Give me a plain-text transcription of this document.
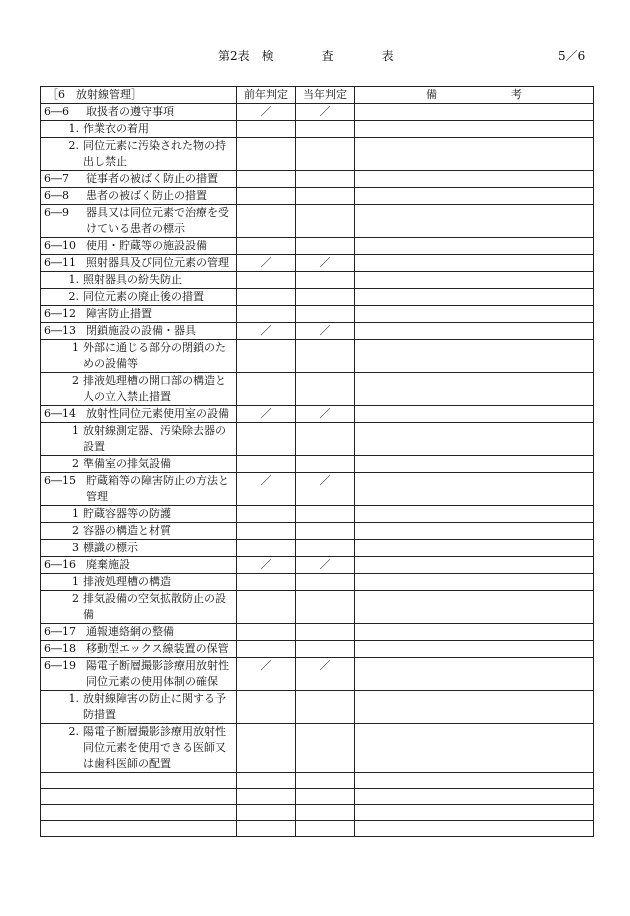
第2表　検　　　　査　　　　表	5／6
［6　放射線管理］	前年判定	当年判定	備 考

6―6 取扱者の遵守事項	／	／	

1. 作業衣の着用			

2. 同位元素に汚染された物の持出し禁止			

6―7 従事者の被ばく防止の措置			

6―8 患者の被ばく防止の措置			

6―9 器具又は同位元素で治療を受けている患者の標示			

6―10 使用・貯蔵等の施設設備			

6―11 照射器具及び同位元素の管理	／	／	

1. 照射器具の紛失防止			

2. 同位元素の廃止後の措置			

6―12 障害防止措置			

6―13 閉鎖施設の設備・器具	／	／	

1 外部に通じる部分の閉鎖のための設備等			

2 排液処理槽の開口部の構造と人の立入禁止措置			

6―14 放射性同位元素使用室の設備	／	／	

1 放射線測定器、汚染除去器の設置			

2 準備室の排気設備			

6―15 貯蔵箱等の障害防止の方法と管理	／	／	

1 貯蔵容器等の防護			

2 容器の構造と材質			

3 標識の標示			

6―16 廃棄施設	／	／	

1 排液処理槽の構造			

2 排気設備の空気拡散防止の設備			

6―17 通報連絡網の整備			

6―18 移動型エックス線装置の保管			

6―19 陽電子断層撮影診療用放射性同位元素の使用体制の確保	／	／	

1. 放射線障害の防止に関する予防措置			

2. 陽電子断層撮影診療用放射性同位元素を使用できる医師又は歯科医師の配置			
